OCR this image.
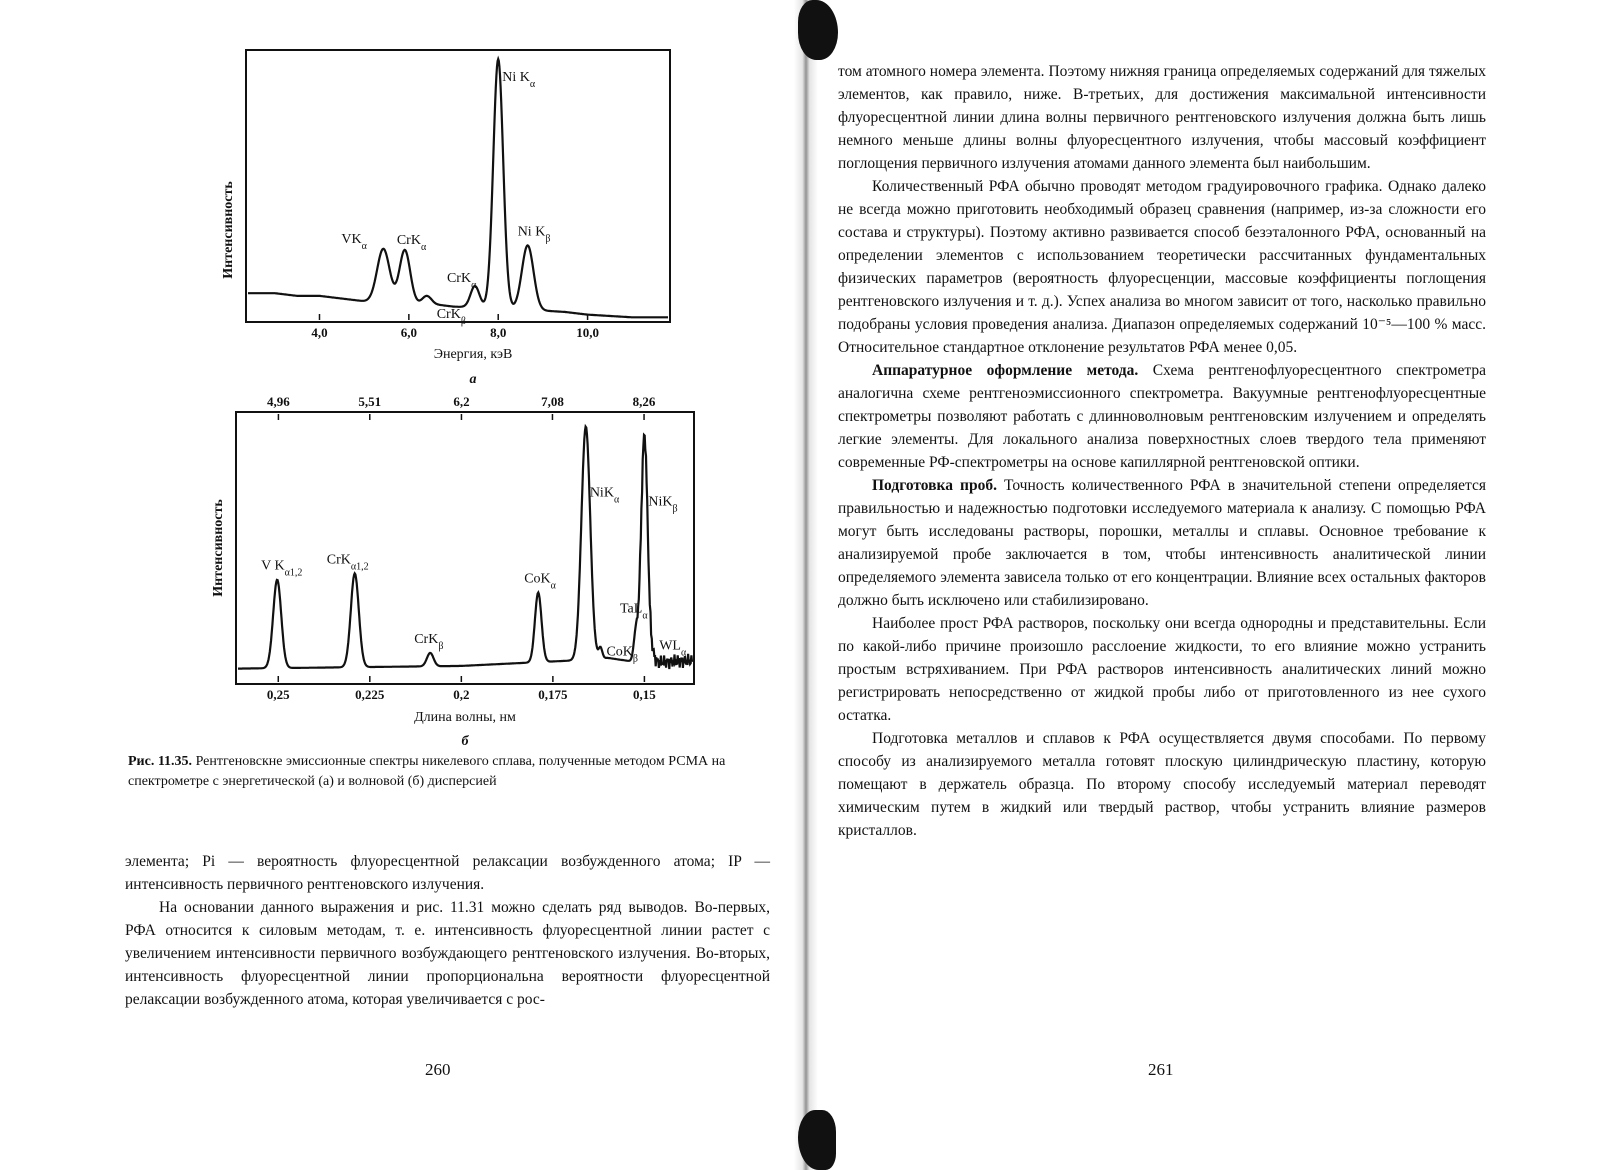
Интенсивность
4,0	6,0	8,0	10,0
$VK_\alpha$ CrK$_\alpha$
CrK$_\beta$
CrK$_\alpha$
Ni $K_\alpha$
Ni $K_\beta$
Энергия, кэВ
а
4,96	5,51	6,2	7,08	8,26
Интенсивность
0,25	0,225	0,2	0,175	0,15
V $K_{\alpha 1,2}$
CrK$_{\alpha 1,2}$
CrK$_\beta$
CoK$_\alpha$
NiK$_\alpha$
CoK$_\beta$
TaL$_\alpha$
NiK$_\beta$
$WL_\alpha$
Длина волны, нм
б
Рис. 11.35. Рентгеновскне эмиссионные спектры никелевого сплава, полученные методом РСМА на спектрометре с энергетической (а) и волновой (б) дисперсией

элемента; Pi — вероятность флуоресцентной релаксации возбужденного атома; IP — интенсивность первичного рентгеновского излучения.

На основании данного выражения и рис. 11.31 можно сделать ряд выводов. Во-первых, РФА относится к силовым методам, т. е. интенсивность флуоресцентной линии растет с увеличением интенсивности первичного возбуждающего рентгеновского излучения. Во-вторых, интенсивность флуоресцентной линии пропорциональна вероятности флуоресцентной релаксации возбужденного атома, которая увеличивается с рос-

260

том атомного номера элемента. Поэтому нижняя граница определяемых содержаний для тяжелых элементов, как правило, ниже. В-третьих, для достижения максимальной интенсивности флуоресцентной линии длина волны первичного рентгеновского излучения должна быть лишь немного меньше длины волны флуоресцентного излучения, чтобы массовый коэффициент поглощения первичного излучения атомами данного элемента был наибольшим.

Количественный РФА обычно проводят методом градуировочного графика. Однако далеко не всегда можно приготовить необходимый образец сравнения (например, из-за сложности его состава и структуры). Поэтому активно развивается способ безэталонного РФА, основанный на определении элементов с использованием теоретически рассчитанных фундаментальных физических параметров (вероятность флуоресценции, массовые коэффициенты поглощения рентгеновского излучения и т. д.). Успех анализа во многом зависит от того, насколько правильно подобраны условия проведения анализа. Диапазон определяемых содержаний 10⁻⁵—100 % масс. Относительное стандартное отклонение результатов РФА менее 0,05.

Аппаратурное оформление метода. Схема рентгенофлуоресцентного спектрометра аналогична схеме рентгеноэмиссионного спектрометра. Вакуумные рентгенофлуоресцентные спектрометры позволяют работать с длинноволновым рентгеновским излучением и определять легкие элементы. Для локального анализа поверхностных слоев твердого тела применяют современные РФ-спектрометры на основе капиллярной рентгеновской оптики.

Подготовка проб. Точность количественного РФА в значительной степени определяется правильностью и надежностью подготовки исследуемого материала к анализу. С помощью РФА могут быть исследованы растворы, порошки, металлы и сплавы. Основное требование к анализируемой пробе заключается в том, чтобы интенсивность аналитической линии определяемого элемента зависела только от его концентрации. Влияние всех остальных факторов должно быть исключено или стабилизировано.

Наиболее прост РФА растворов, поскольку они всегда однородны и представительны. Если по какой-либо причине произошло расслоение жидкости, то его влияние можно устранить простым встряхиванием. При РФА растворов интенсивность аналитических линий можно регистрировать непосредственно от жидкой пробы либо от приготовленного из нее сухого остатка.

Подготовка металлов и сплавов к РФА осуществляется двумя способами. По первому способу из анализируемого металла готовят плоскую цилиндрическую пластину, которую помещают в держатель образца. По второму способу исследуемый материал переводят химическим путем в жидкий или твердый раствор, чтобы устранить влияние размеров кристаллов.

261
